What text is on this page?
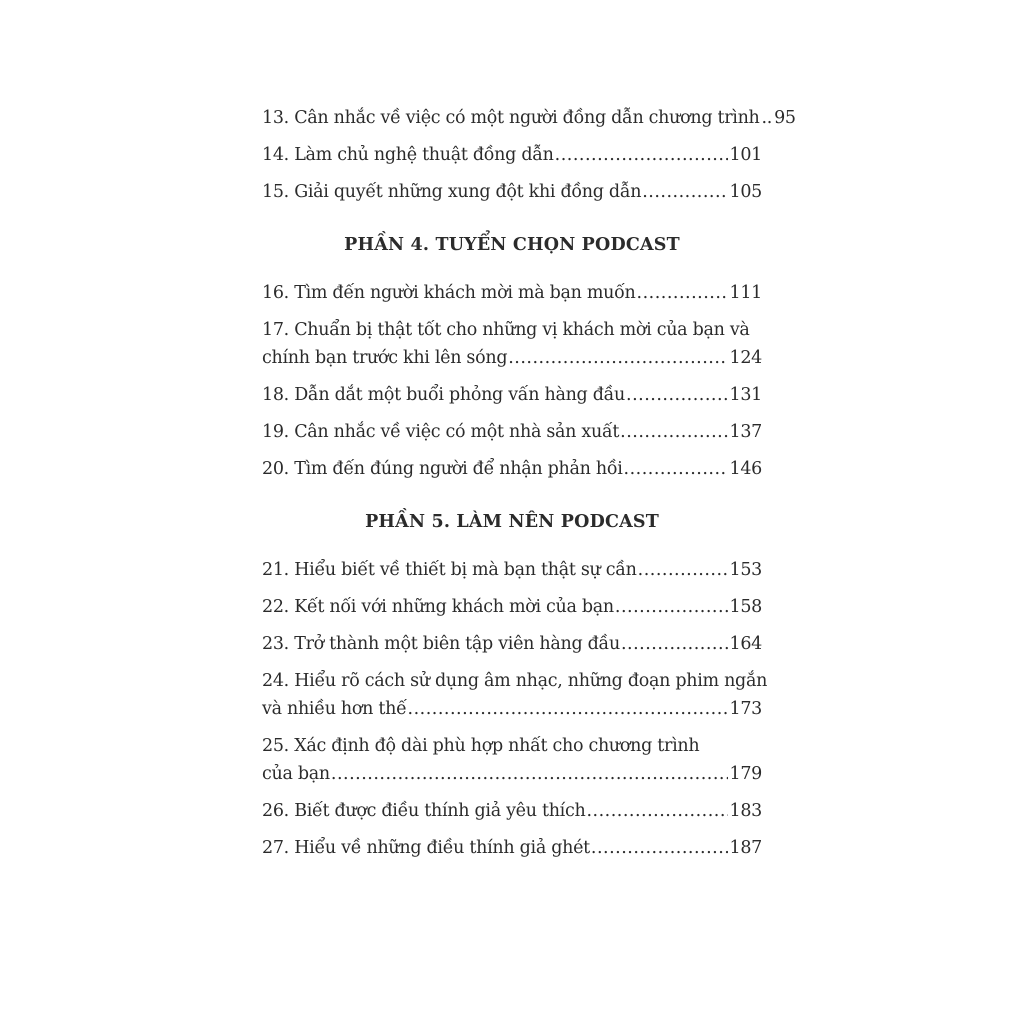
13. Cân nhắc về việc có một người đồng dẫn chương trình .. 95
14. Làm chủ nghệ thuật đồng dẫn .....	101
15. Giải quyết những xung đột khi đồng dẫn .....	105
PHẦN 4. TUYỂN CHỌN PODCAST
16. Tìm đến người khách mời mà bạn muốn .....	111
17. Chuẩn bị thật tốt cho những vị khách mời của bạn và
chính bạn trước khi lên sóng .....	124
18. Dẫn dắt một buổi phỏng vấn hàng đầu .....	131
19. Cân nhắc về việc có một nhà sản xuất .....	137
20. Tìm đến đúng người để nhận phản hồi .....	146
PHẦN 5. LÀM NÊN PODCAST
21. Hiểu biết về thiết bị mà bạn thật sự cần .....	153
22. Kết nối với những khách mời của bạn .....	158
23. Trở thành một biên tập viên hàng đầu .....	164
24. Hiểu rõ cách sử dụng âm nhạc, những đoạn phim ngắn
và nhiều hơn thế .....	173
25. Xác định độ dài phù hợp nhất cho chương trình
của bạn .....	179
26. Biết được điều thính giả yêu thích .....	183
27. Hiểu về những điều thính giả ghét .....	187
